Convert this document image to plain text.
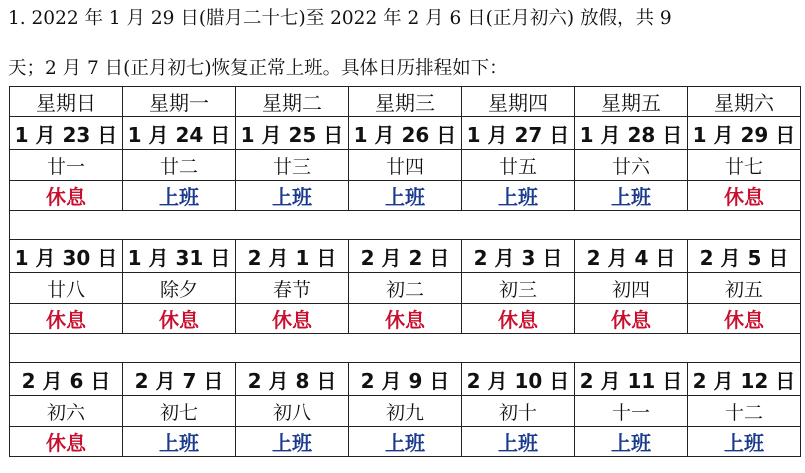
1. 2022 年 1 月 29 日(腊月二十七)至 2022 年 2 月 6 日(正月初六) 放假，共 9
天；2 月 7 日(正月初七)恢复正常上班。具体日历排程如下：
星期日	星期一	星期二	星期三	星期四	星期五	星期六
1 月 23 日	1 月 24 日	1 月 25 日	1 月 26 日	1 月 27 日	1 月 28 日	1 月 29 日
廿一	廿二	廿三	廿四	廿五	廿六	廿七
休息	上班	上班	上班	上班	上班	休息

1 月 30 日	1 月 31 日	2 月 1 日	2 月 2 日	2 月 3 日	2 月 4 日	2 月 5 日
廿八	除夕	春节	初二	初三	初四	初五
休息	休息	休息	休息	休息	休息	休息

2 月 6 日	2 月 7 日	2 月 8 日	2 月 9 日	2 月 10 日	2 月 11 日	2 月 12 日
初六	初七	初八	初九	初十	十一	十二
休息	上班	上班	上班	上班	上班	上班
